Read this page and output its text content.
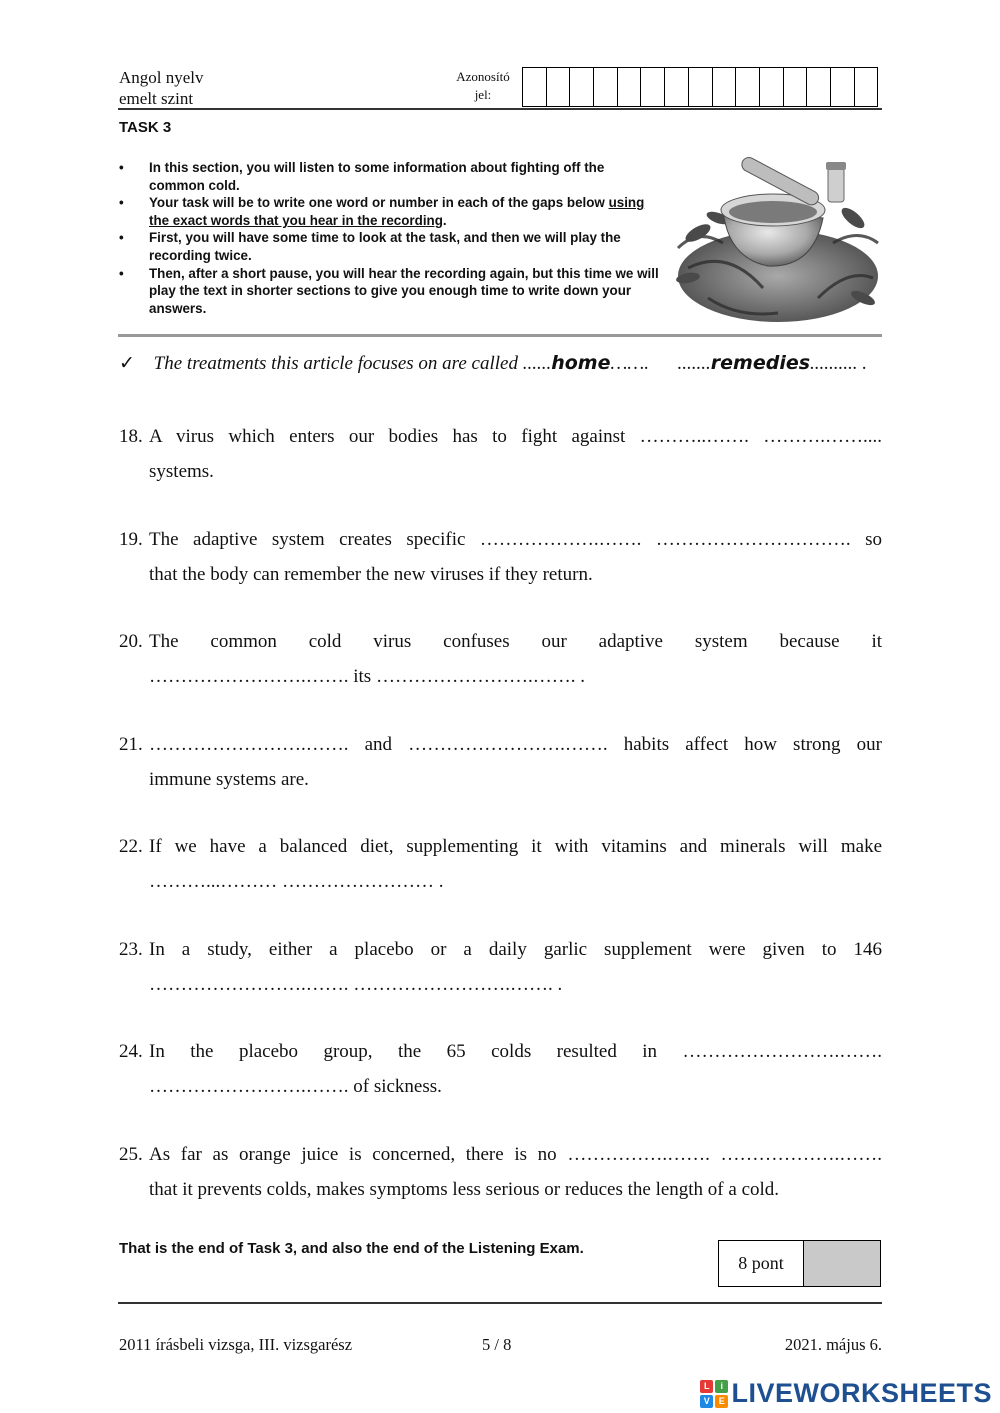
Angol nyelv
emelt szint
Azonosító
jel:
TASK 3
• In this section, you will listen to some information about fighting off the common cold.
• Your task will be to write one word or number in each of the gaps below using the exact words that you hear in the recording.
• First, you will have some time to look at the task, and then we will play the recording twice.
• Then, after a short pause, you will hear the recording again, but this time we will play the text in shorter sections to give you enough time to write down your answers.
✓ The treatments this article focuses on are called ......home…….      .......remedies.......... .
18. A virus which enters our bodies has to fight against ………..……. ……….……....
systems.
19. The adaptive system creates specific ……………….……. …………………………. so
that the body can remember the new viruses if they return.
20. The common cold virus confuses our adaptive system because it
…………………….……. its …………………….……. .
21. …………………….……. and …………………….……. habits affect how strong our
immune systems are.
22. If we have a balanced diet, supplementing it with vitamins and minerals will make
………...……… …………………… .
23. In a study, either a placebo or a daily garlic supplement were given to 146
…………………….……. …………………….……. .
24. In the placebo group, the 65 colds resulted in …………………….…….
…………………….……. of sickness.
25. As far as orange juice is concerned, there is no …………….……. ……………….…….
that it prevents colds, makes symptoms less serious or reduces the length of a cold.
That is the end of Task 3, and also the end of the Listening Exam.
8 pont
2011 írásbeli vizsga, III. vizsgarész	5 / 8	2021. május 6.
L	i
V E LIVEWORKSHEETS
